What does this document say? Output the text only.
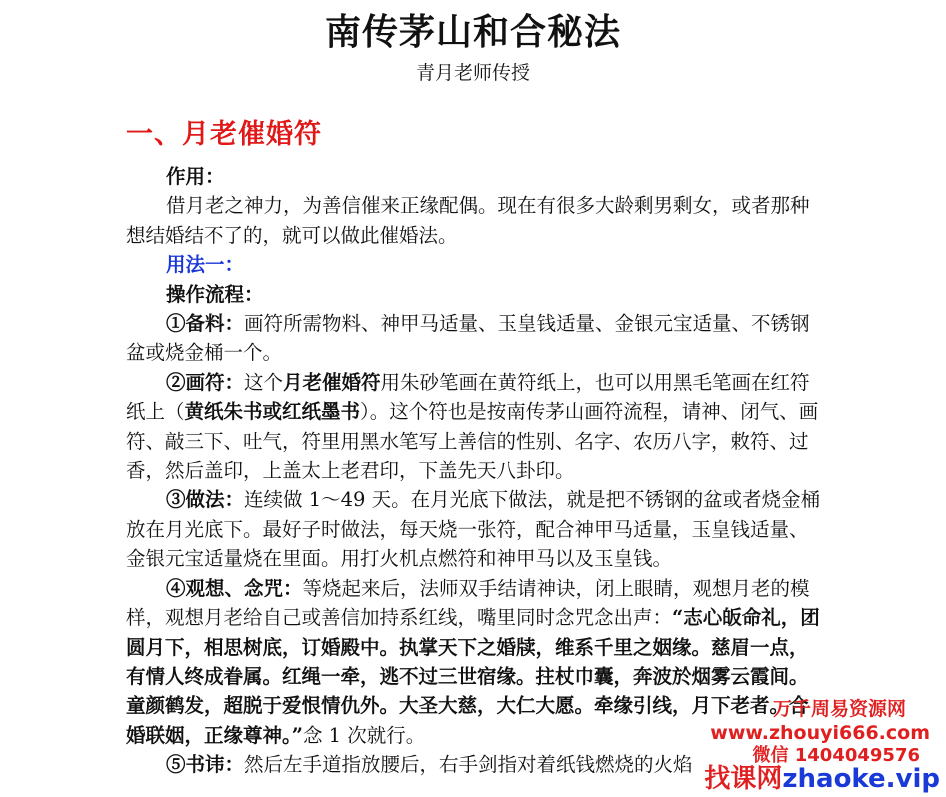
南传茅山和合秘法
青月老师传授
一、月老催婚符

作用：

借月老之神力，为善信催来正缘配偶。现在有很多大龄剩男剩女，或者那种想结婚结不了的，就可以做此催婚法。

用法一：

操作流程：

①备料：画符所需物料、神甲马适量、玉皇钱适量、金银元宝适量、不锈钢盆或烧金桶一个。

②画符：这个月老催婚符用朱砂笔画在黄符纸上，也可以用黑毛笔画在红符纸上（黄纸朱书或红纸墨书）。这个符也是按南传茅山画符流程，请神、闭气、画符、敲三下、吐气，符里用黑水笔写上善信的性别、名字、农历八字，敕符、过香，然后盖印，上盖太上老君印，下盖先天八卦印。

③做法：连续做 1～49 天。在月光底下做法，就是把不锈钢的盆或者烧金桶放在月光底下。最好子时做法，每天烧一张符，配合神甲马适量，玉皇钱适量、金银元宝适量烧在里面。用打火机点燃符和神甲马以及玉皇钱。

④观想、念咒：等烧起来后，法师双手结请神诀，闭上眼睛，观想月老的模样，观想月老给自己或善信加持系红线，嘴里同时念咒念出声：“志心皈命礼，团圆月下，相思树底，订婚殿中。执掌天下之婚牍，维系千里之姻缘。慈眉一点，有情人终成眷属。红绳一牵，逃不过三世宿缘。拄杖巾囊，奔波於烟雾云霞间。童颜鹤发，超脱于爱恨情仇外。大圣大慈，大仁大愿。牵缘引线，月下老者。合婚联姻，正缘尊神。”念 1 次就行。

⑤书讳：然后左手道指放腰后，右手剑指对着纸钱燃烧的火焰

万千周易资源网
www.zhouyi666.com
微信 1404049576
找课网zhaoke.vip
